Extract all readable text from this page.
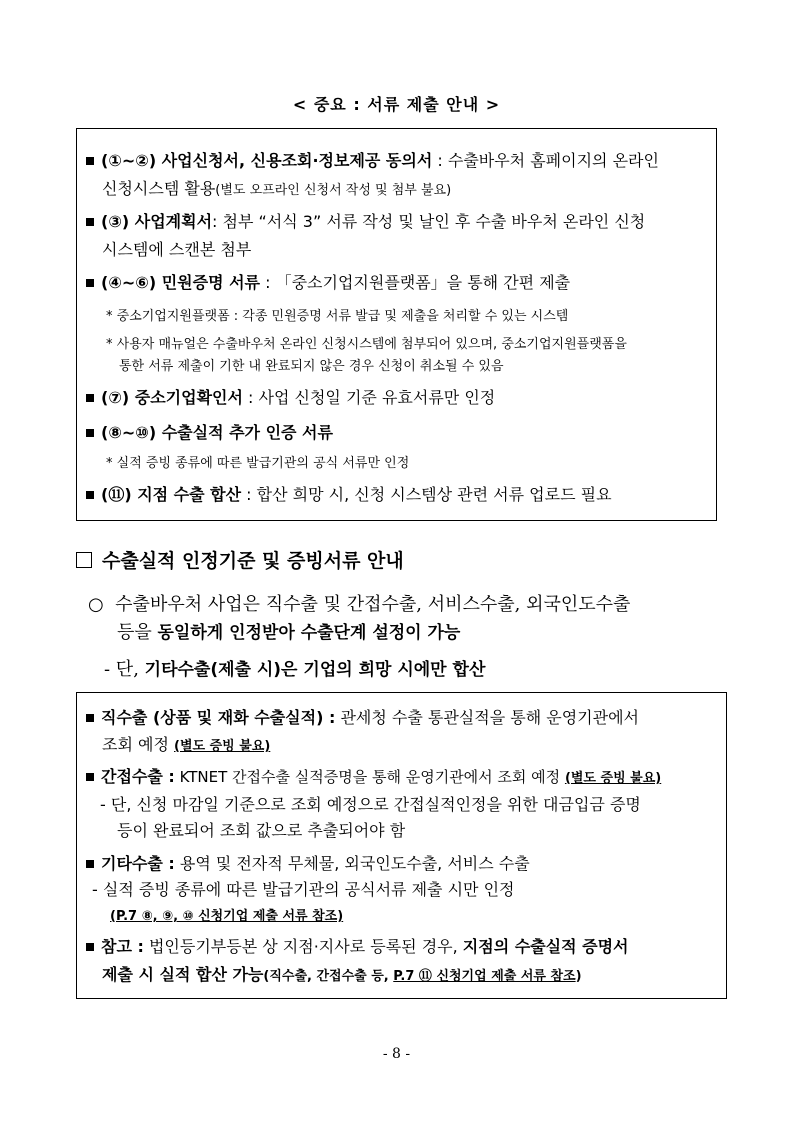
< 중요 : 서류 제출 안내 >
(①~②) 사업신청서, 신용조회·정보제공 동의서 : 수출바우처 홈페이지의 온라인
신청시스템 활용(별도 오프라인 신청서 작성 및 첨부 불요)
(③) 사업계획서: 첨부 “서식 3” 서류 작성 및 날인 후 수출 바우처 온라인 신청
시스템에 스캔본 첨부
(④~⑥) 민원증명 서류 : 「중소기업지원플랫폼」을 통해 간편 제출
* 중소기업지원플랫폼 : 각종 민원증명 서류 발급 및 제출을 처리할 수 있는 시스템
* 사용자 매뉴얼은 수출바우처 온라인 신청시스템에 첨부되어 있으며, 중소기업지원플랫폼을
통한 서류 제출이 기한 내 완료되지 않은 경우 신청이 취소될 수 있음
(⑦) 중소기업확인서 : 사업 신청일 기준 유효서류만 인정
(⑧~⑩) 수출실적 추가 인증 서류
* 실적 증빙 종류에 따른 발급기관의 공식 서류만 인정
(⑪) 지점 수출 합산 : 합산 희망 시, 신청 시스템상 관련 서류 업로드 필요
수출실적 인정기준 및 증빙서류 안내
○ 수출바우처 사업은 직수출 및 간접수출, 서비스수출, 외국인도수출
등을 동일하게 인정받아 수출단계 설정이 가능
- 단, 기타수출(제출 시)은 기업의 희망 시에만 합산
직수출 (상품 및 재화 수출실적) : 관세청 수출 통관실적을 통해 운영기관에서
조회 예정 (별도 증빙 불요)
간접수출 : KTNET 간접수출 실적증명을 통해 운영기관에서 조회 예정 (별도 증빙 불요)
- 단, 신청 마감일 기준으로 조회 예정으로 간접실적인정을 위한 대금입금 증명
등이 완료되어 조회 값으로 추출되어야 함
기타수출 : 용역 및 전자적 무체물, 외국인도수출, 서비스 수출
- 실적 증빙 종류에 따른 발급기관의 공식서류 제출 시만 인정
(P.7 ⑧, ⑨, ⑩ 신청기업 제출 서류 참조)
참고 : 법인등기부등본 상 지점·지사로 등록된 경우, 지점의 수출실적 증명서
제출 시 실적 합산 가능(직수출, 간접수출 등, P.7 ⑪ 신청기업 제출 서류 참조)
- 8 -
